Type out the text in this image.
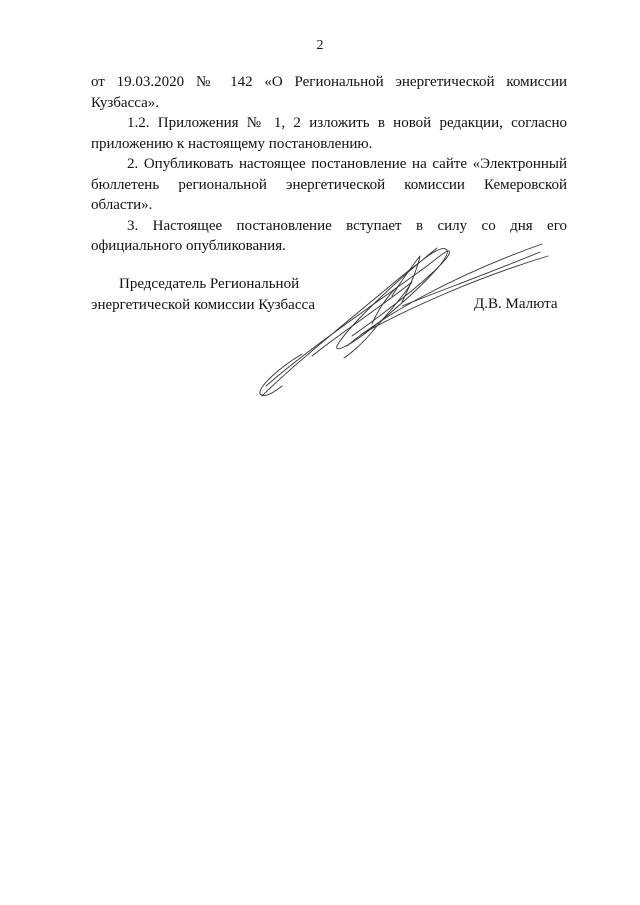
2

от 19.03.2020 № 142 «О Региональной энергетической комиссии Кузбасса».

1.2. Приложения № 1, 2 изложить в новой редакции, согласно приложению к настоящему постановлению.

2. Опубликовать настоящее постановление на сайте «Электронный бюллетень региональной энергетической комиссии Кемеровской области».

3. Настоящее постановление вступает в силу со дня его официального опубликования.

Председатель Региональной
энергетической комиссии Кузбасса	Д.В. Малюта
